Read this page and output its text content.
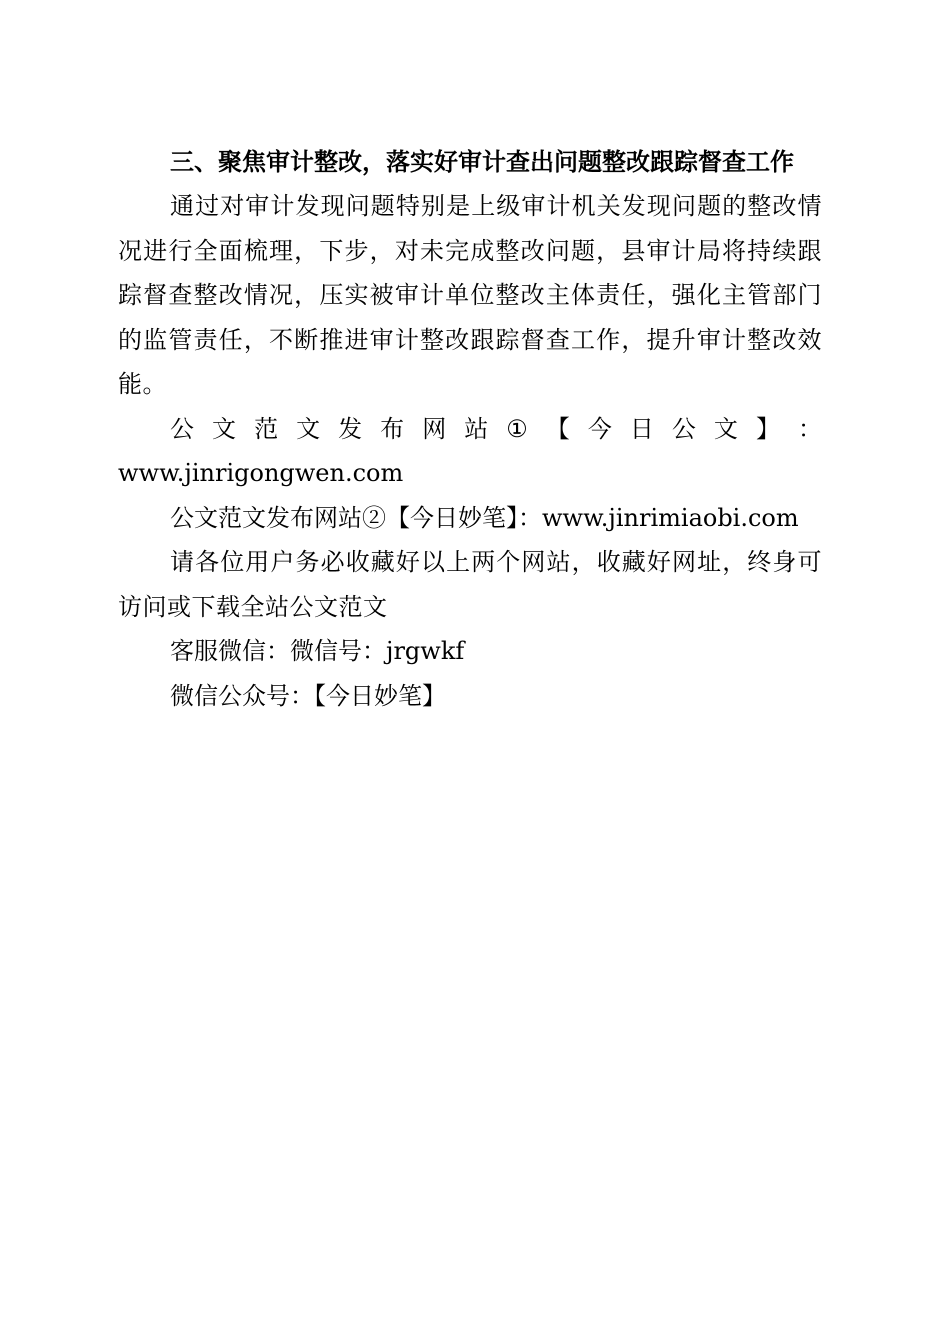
三、聚焦审计整改，落实好审计查出问题整改跟踪督查工作

通过对审计发现问题特别是上级审计机关发现问题的整改情况进行全面梳理，下步，对未完成整改问题，县审计局将持续跟踪督查整改情况，压实被审计单位整改主体责任，强化主管部门的监管责任，不断推进审计整改跟踪督查工作，提升审计整改效能。

公 文 范 文 发 布 网 站 ① 【 今 日 公 文 】 ：
www.jinrigongwen.com

公文范文发布网站②【今日妙笔】：www.jinrimiaobi.com

请各位用户务必收藏好以上两个网站，收藏好网址，终身可访问或下载全站公文范文

客服微信：微信号：jrgwkf

微信公众号：【今日妙笔】
